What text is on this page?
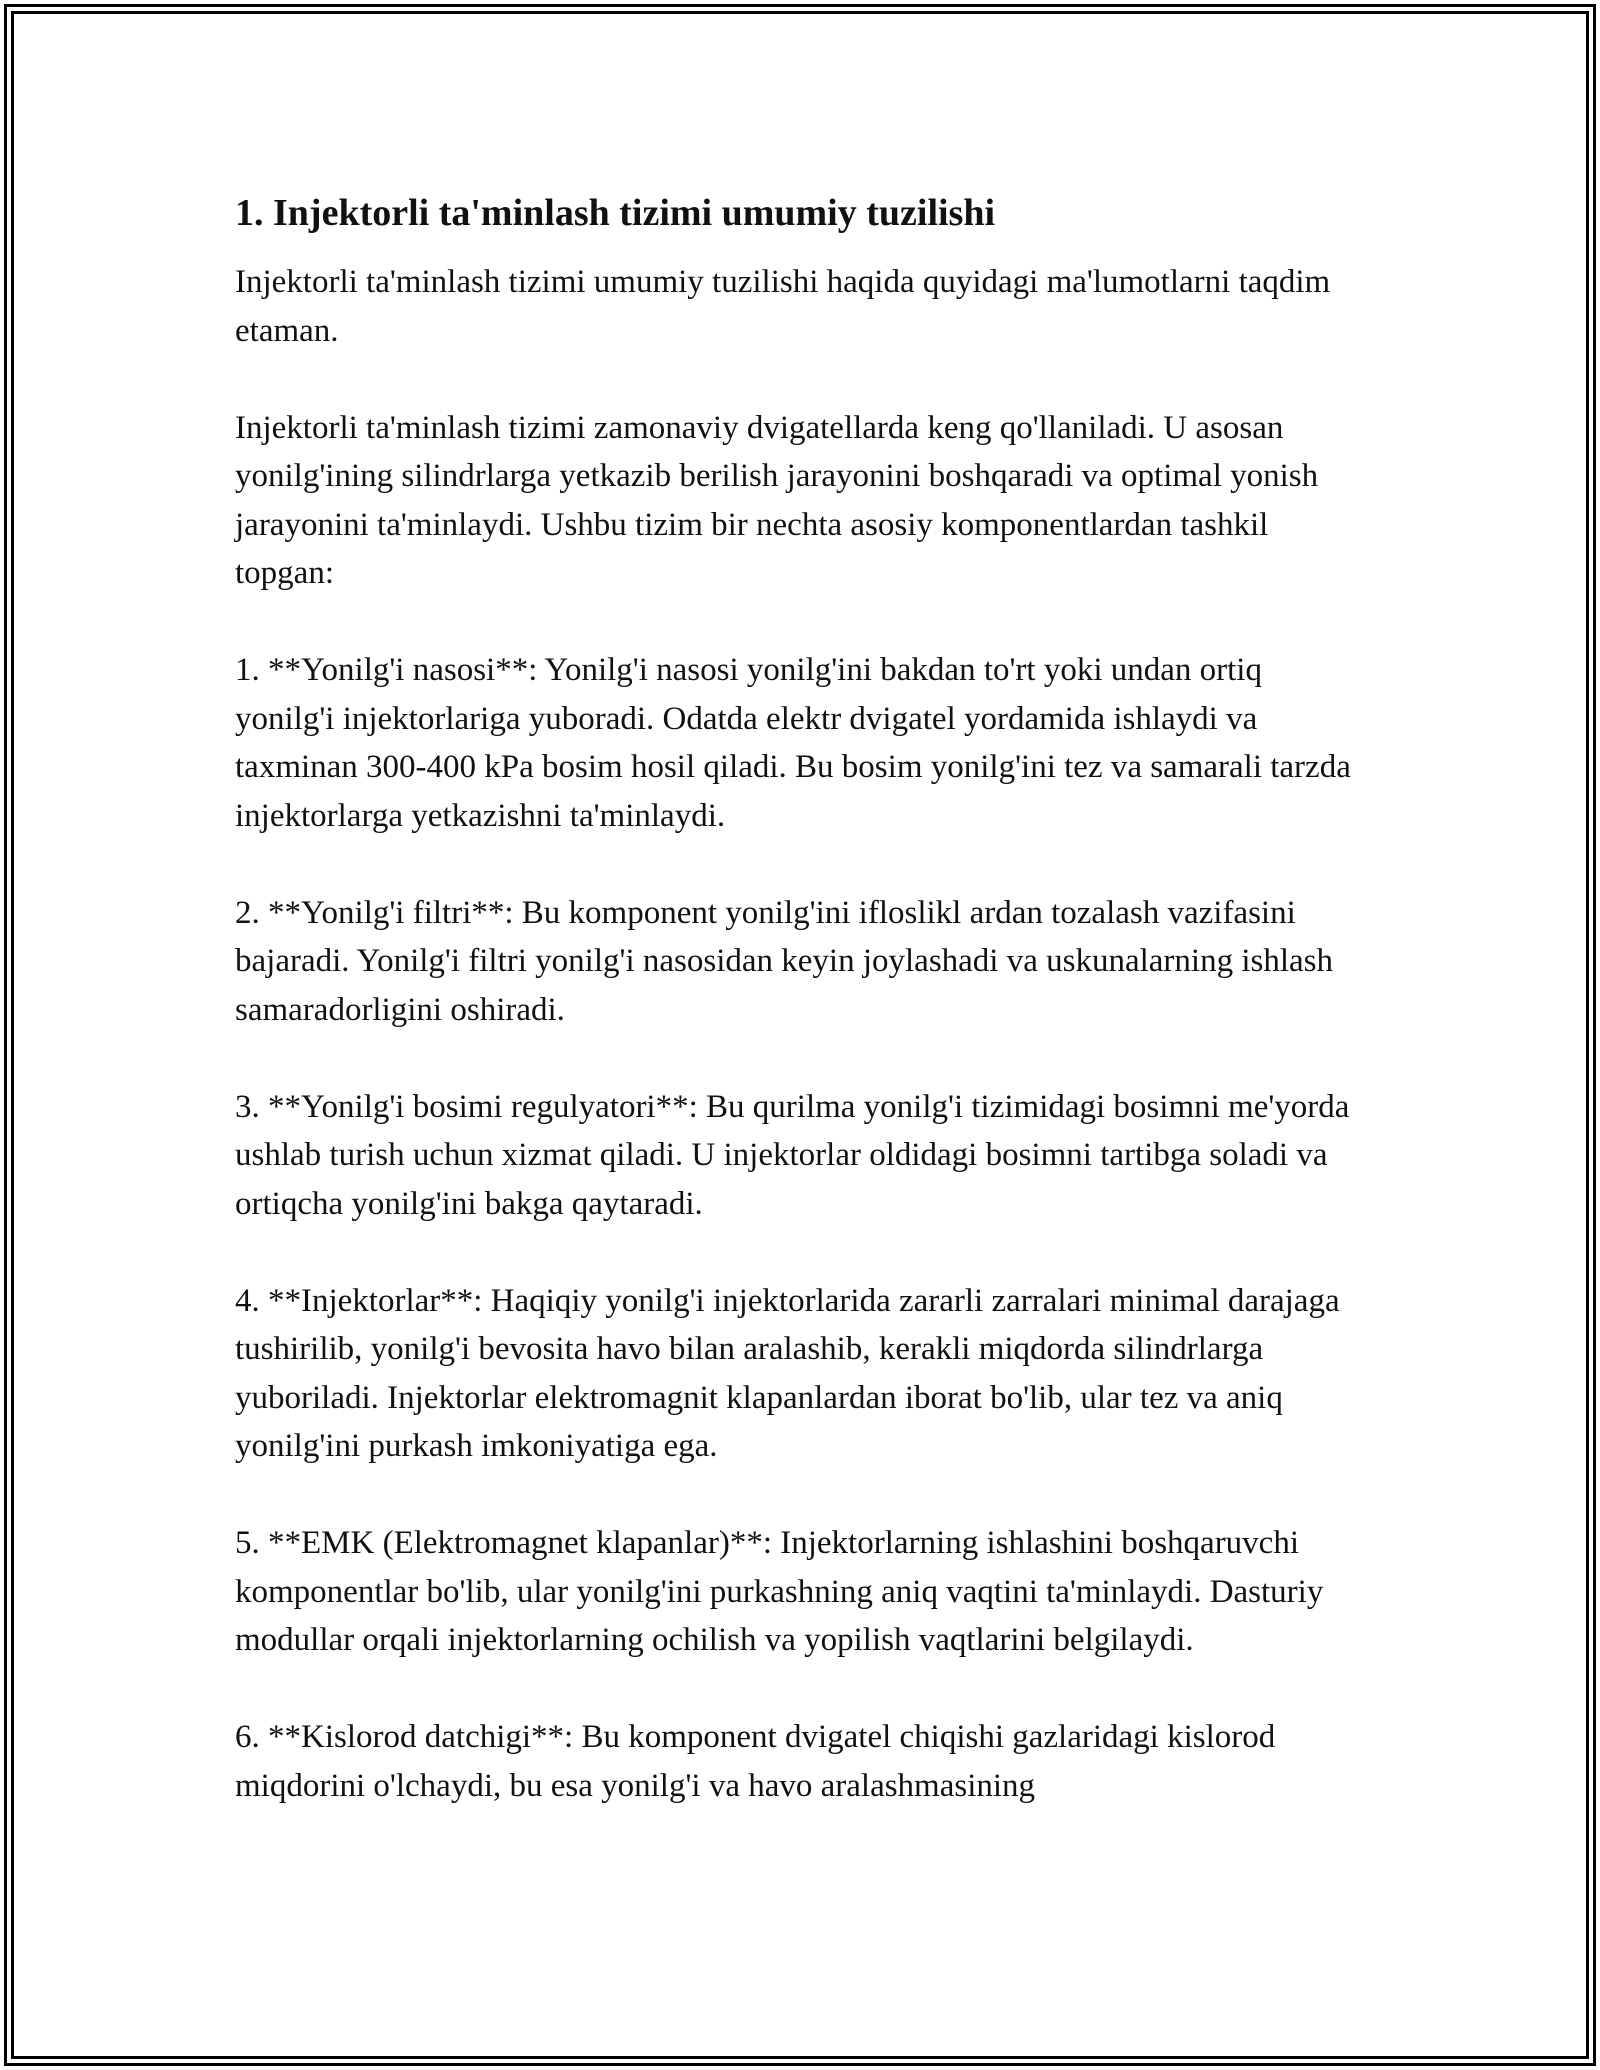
1. Injektorli ta'minlash tizimi umumiy tuzilishi

Injektorli ta'minlash tizimi umumiy tuzilishi haqida quyidagi ma'lumotlarni taqdim etaman.

Injektorli ta'minlash tizimi zamonaviy dvigatellarda keng qo'llaniladi. U asosan yonilg'ining silindrlarga yetkazib berilish jarayonini boshqaradi va optimal yonish jarayonini ta'minlaydi. Ushbu tizim bir nechta asosiy komponentlardan tashkil topgan:

1. **Yonilg'i nasosi**: Yonilg'i nasosi yonilg'ini bakdan to'rt yoki undan ortiq yonilg'i injektorlariga yuboradi. Odatda elektr dvigatel yordamida ishlaydi va taxminan 300-400 kPa bosim hosil qiladi. Bu bosim yonilg'ini tez va samarali tarzda injektorlarga yetkazishni ta'minlaydi.

2. **Yonilg'i filtri**: Bu komponent yonilg'ini ifloslikl ardan tozalash vazifasini bajaradi. Yonilg'i filtri yonilg'i nasosidan keyin joylashadi va uskunalarning ishlash samaradorligini oshiradi.

3. **Yonilg'i bosimi regulyatori**: Bu qurilma yonilg'i tizimidagi bosimni me'yorda ushlab turish uchun xizmat qiladi. U injektorlar oldidagi bosimni tartibga soladi va ortiqcha yonilg'ini bakga qaytaradi.

4. **Injektorlar**: Haqiqiy yonilg'i injektorlarida zararli zarralari minimal darajaga tushirilib, yonilg'i bevosita havo bilan aralashib, kerakli miqdorda silindrlarga yuboriladi. Injektorlar elektromagnit klapanlardan iborat bo'lib, ular tez va aniq yonilg'ini purkash imkoniyatiga ega.

5. **EMK (Elektromagnet klapanlar)**: Injektorlarning ishlashini boshqaruvchi komponentlar bo'lib, ular yonilg'ini purkashning aniq vaqtini ta'minlaydi. Dasturiy modullar orqali injektorlarning ochilish va yopilish vaqtlarini belgilaydi.

6. **Kislorod datchigi**: Bu komponent dvigatel chiqishi gazlaridagi kislorod miqdorini o'lchaydi, bu esa yonilg'i va havo aralashmasining
